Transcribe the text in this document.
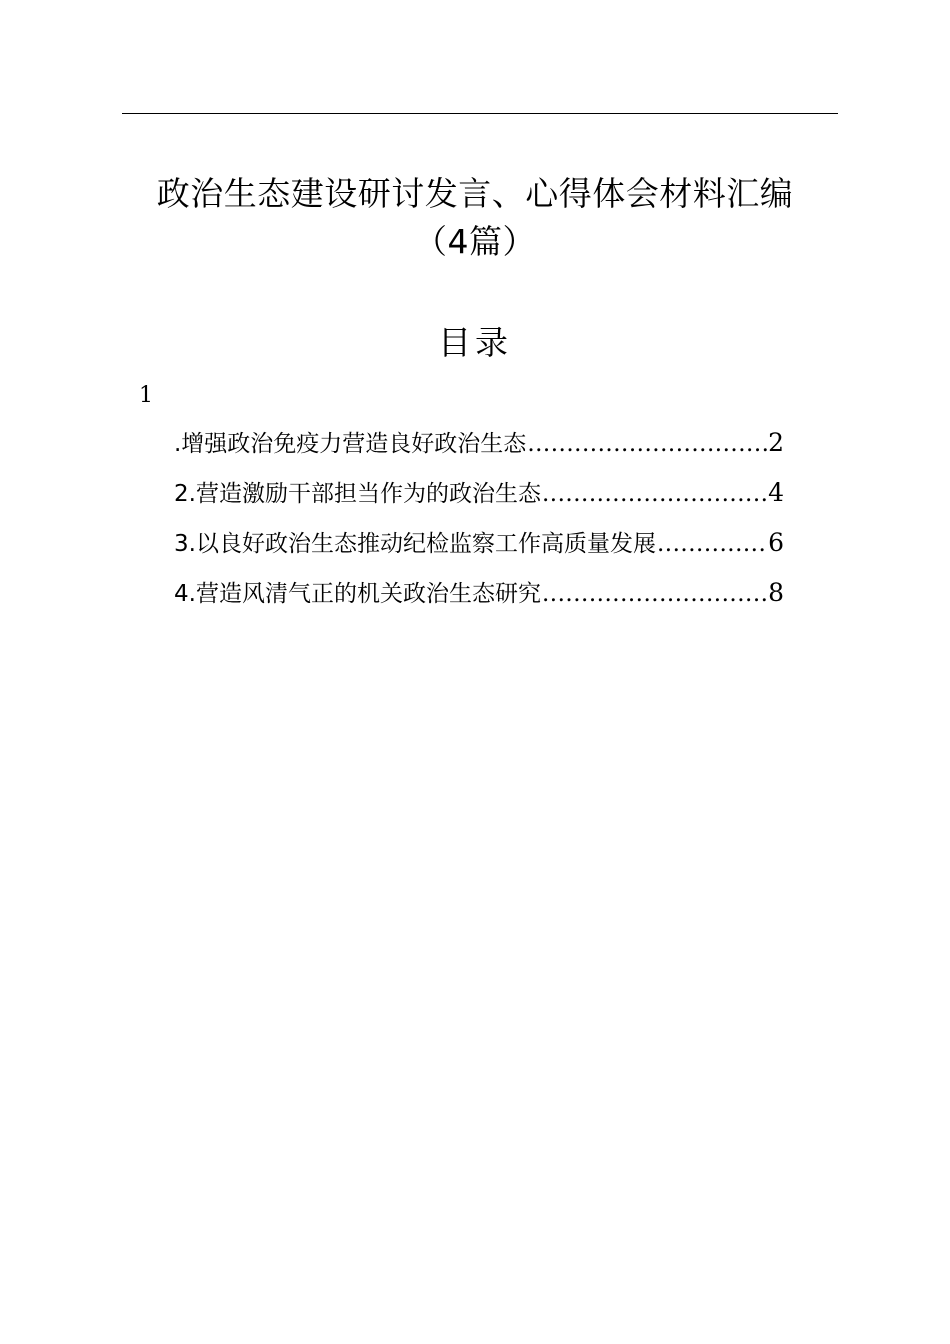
政治生态建设研讨发言、心得体会材料汇编
（4篇）
目录
1
.增强政治免疫力营造良好政治生态 .....	2
2.营造激励干部担当作为的政治生态 .....	4
3.以良好政治生态推动纪检监察工作高质量发展 .....	6
4.营造风清气正的机关政治生态研究 .....	8
